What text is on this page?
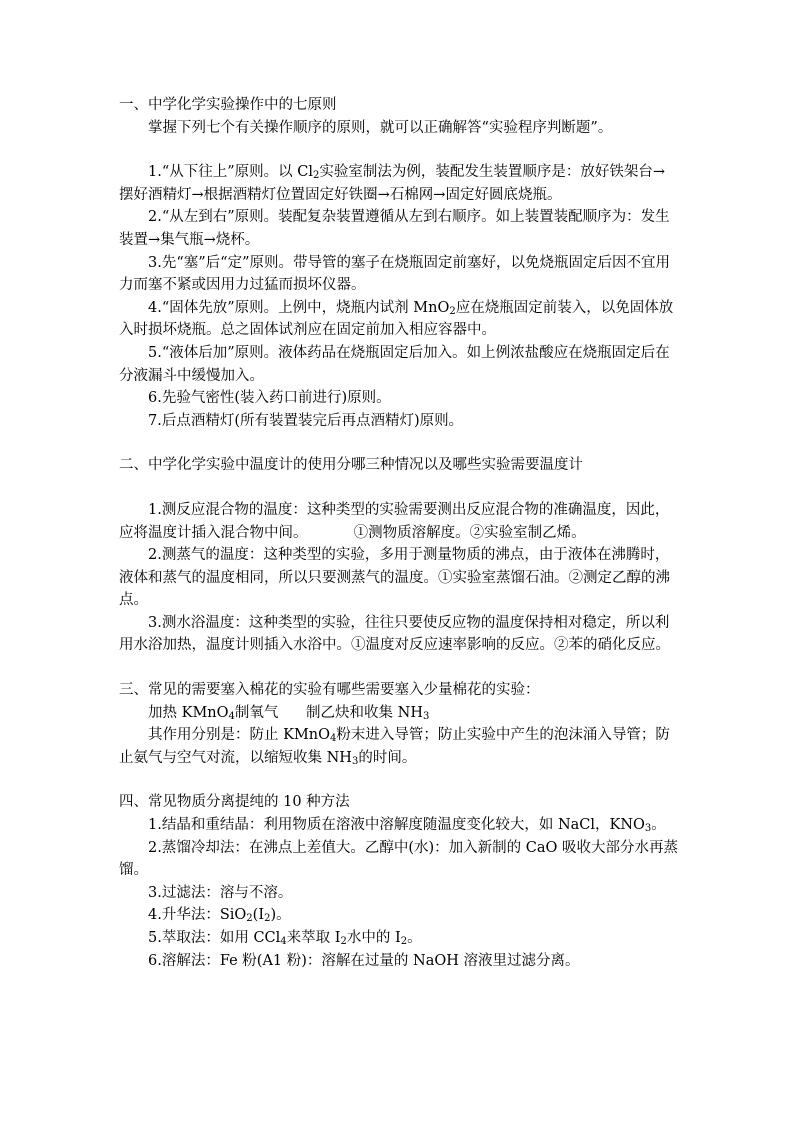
一、中学化学实验操作中的七原则

掌握下列七个有关操作顺序的原则，就可以正确解答“实验程序判断题”。

1.“从下往上”原则。以 $Cl_2$实验室制法为例，装配发生装置顺序是：放好铁架台→摆好酒精灯→根据酒精灯位置固定好铁圈→石棉网→固定好圆底烧瓶。

2.“从左到右”原则。装配复杂装置遵循从左到右顺序。如上装置装配顺序为：发生装置→集气瓶→烧杯。

3.先“塞”后“定”原则。带导管的塞子在烧瓶固定前塞好，以免烧瓶固定后因不宜用力而塞不紧或因用力过猛而损坏仪器。

4.“固体先放”原则。上例中，烧瓶内试剂 MnO$_2$应在烧瓶固定前装入，以免固体放入时损坏烧瓶。总之固体试剂应在固定前加入相应容器中。

5.“液体后加”原则。液体药品在烧瓶固定后加入。如上例浓盐酸应在烧瓶固定后在分液漏斗中缓慢加入。

6.先验气密性(装入药口前进行)原则。

7.后点酒精灯(所有装置装完后再点酒精灯)原则。

二、中学化学实验中温度计的使用分哪三种情况以及哪些实验需要温度计

1.测反应混合物的温度：这种类型的实验需要测出反应混合物的准确温度，因此，应将温度计插入混合物中间。          ①测物质溶解度。②实验室制乙烯。

2.测蒸气的温度：这种类型的实验，多用于测量物质的沸点，由于液体在沸腾时，液体和蒸气的温度相同，所以只要测蒸气的温度。①实验室蒸馏石油。②测定乙醇的沸点。

3.测水浴温度：这种类型的实验，往往只要使反应物的温度保持相对稳定，所以利用水浴加热，温度计则插入水浴中。①温度对反应速率影响的反应。②苯的硝化反应。

三、常见的需要塞入棉花的实验有哪些需要塞入少量棉花的实验：

加热 KMnO$_4$制氧气 制乙炔和收集 $NH_3$

其作用分别是：防止 KMnO$_4$粉末进入导管；防止实验中产生的泡沫涌入导管；防止氨气与空气对流，以缩短收集 $NH_3$的时间。

四、常见物质分离提纯的 10 种方法

1.结晶和重结晶：利用物质在溶液中溶解度随温度变化较大，如 NaCl，$KNO_3$。

2.蒸馏冷却法：在沸点上差值大。乙醇中(水)：加入新制的 CaO 吸收大部分水再蒸馏。

3.过滤法：溶与不溶。

4.升华法：$SiO_2(I_2)$。

5.萃取法：如用 CCl$_4$来萃取 $I_2$水中的 $I_2$。

6.溶解法：Fe 粉(A1 粉)：溶解在过量的 NaOH 溶液里过滤分离。
